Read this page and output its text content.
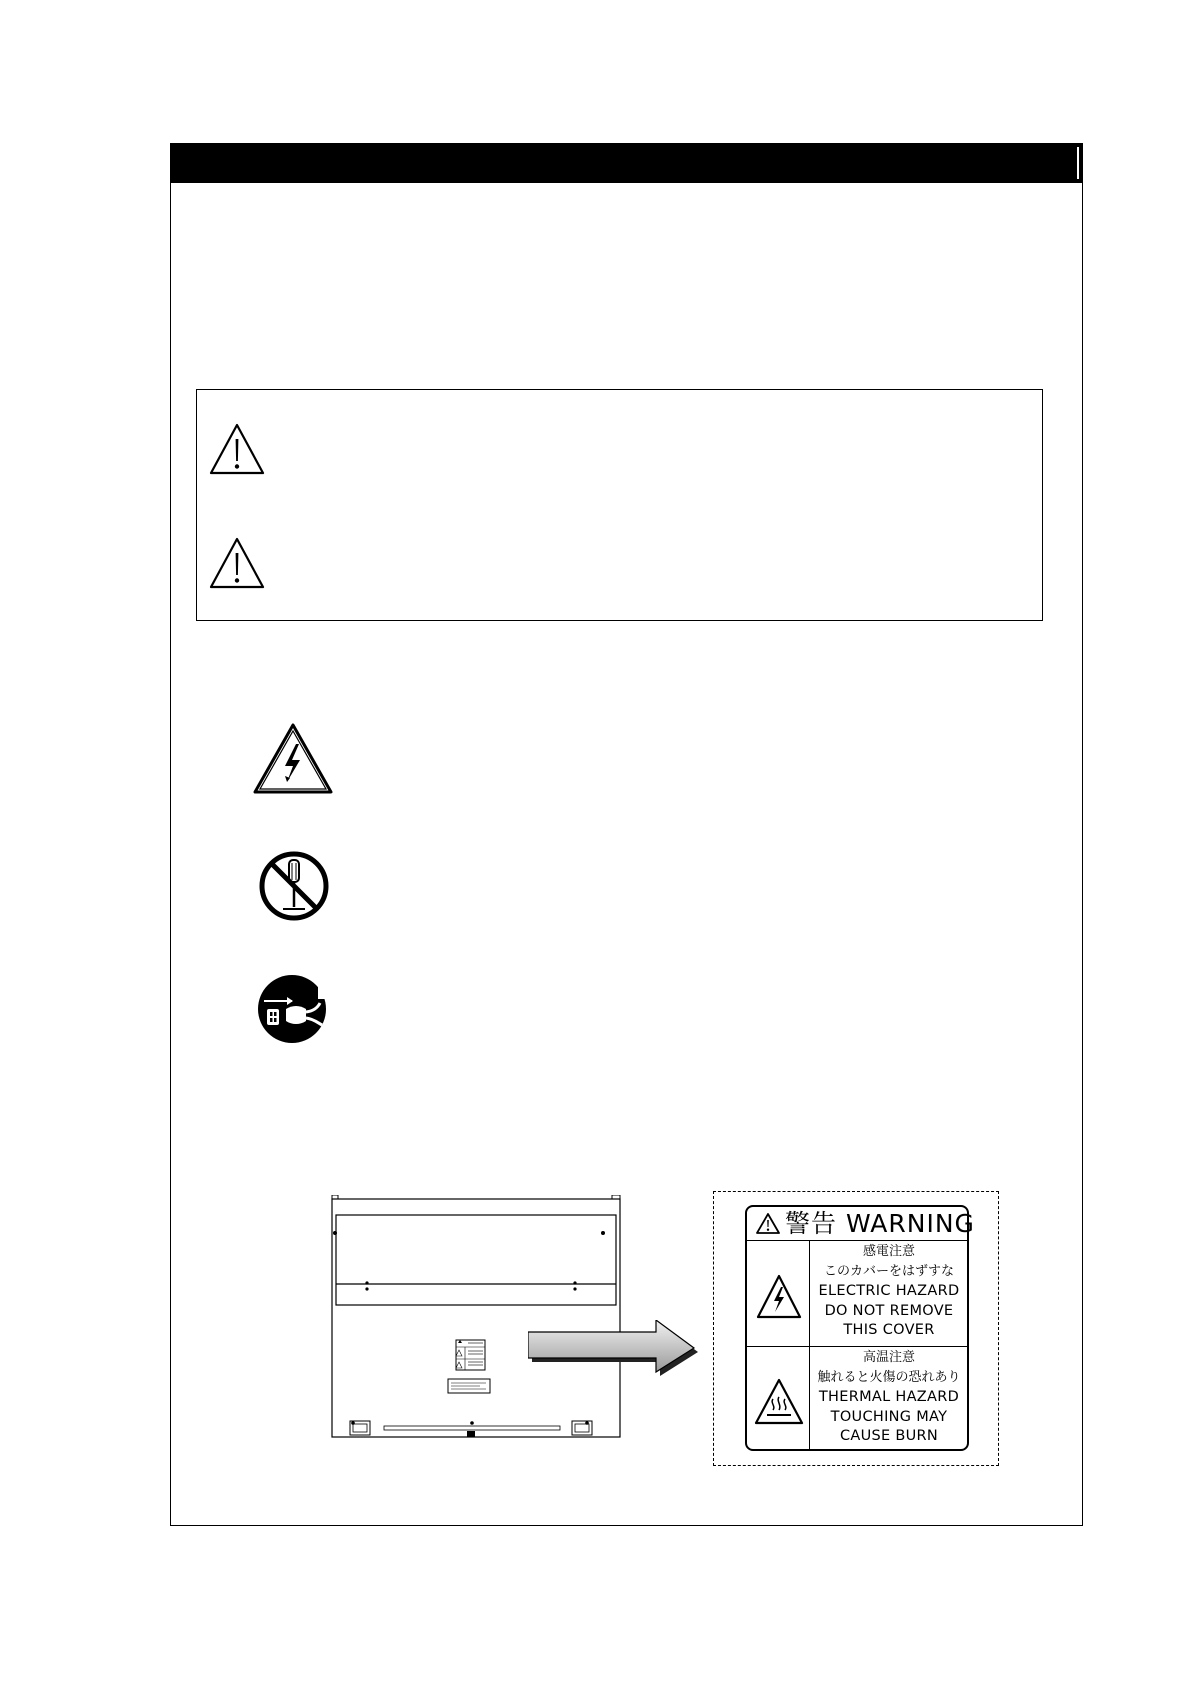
警告 WARNING
感電注意
このカバーをはずすな
ELECTRIC HAZARD
DO NOT REMOVE
THIS COVER
高温注意
触れると火傷の恐れあり
THERMAL HAZARD
TOUCHING MAY
CAUSE BURN
